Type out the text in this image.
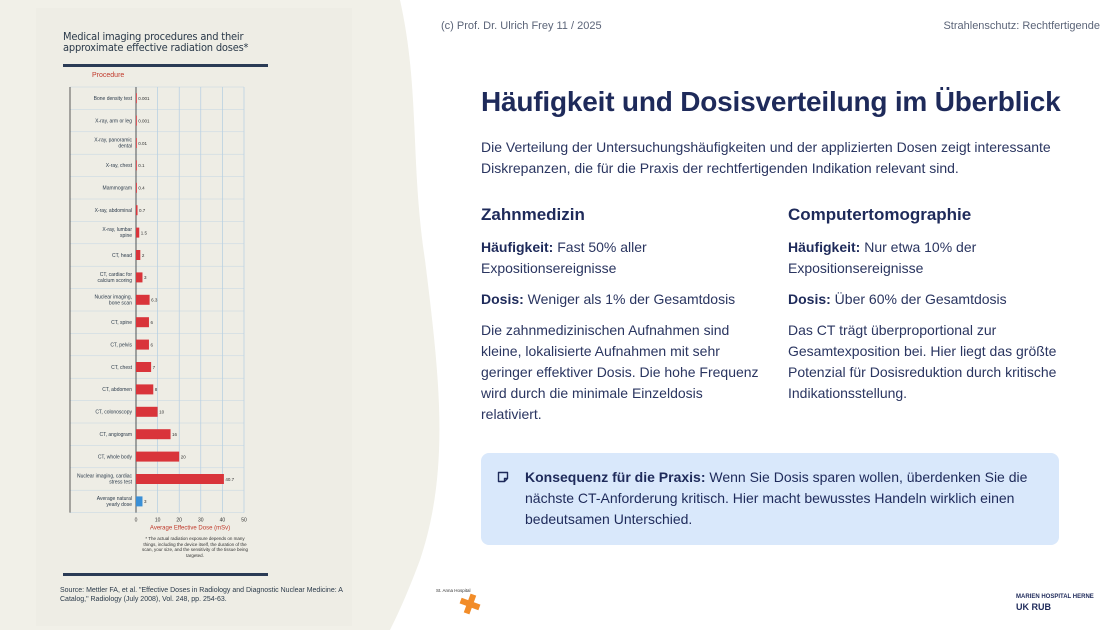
Medical imaging procedures and their approximate effective radiation doses*
Procedure
0	10	20	30	40	50
0.001
Bone density test
0.001
X-ray, arm or leg
0.01
X-ray, panoramic dental
0.1
X-ray, chest
0.4
Mammogram
0.7
X-ray, abdominal
1.5
X-ray, lumbar spine
2
CT, head
3
CT, cardiac for calcium scoring
6.3
Nuclear imaging, bone scan
6
CT, spine
6
CT, pelvis
7
CT, chest
8
CT, abdomen
10
CT, colonoscopy
16
CT, angiogram
20
CT, whole body
40.7
Nuclear imaging, cardiac stress test
3
Average natural yearly dose
Average Effective Dose (mSv)
* The actual radiation exposure depends on many things, including the device itself, the duration of the scan, your size, and the sensitivity of the tissue being targeted.
Source: Mettler FA, et al. "Effective Doses in Radiology and Diagnostic Nuclear Medicine: A Catalog," Radiology (July 2008), Vol. 248, pp. 254-63.
(c) Prof. Dr. Ulrich Frey 11 / 2025	Strahlenschutz: Rechtfertigende
Häufigkeit und Dosisverteilung im Überblick

Die Verteilung der Untersuchungshäufigkeiten und der applizierten Dosen zeigt interessante Diskrepanzen, die für die Praxis der rechtfertigenden Indikation relevant sind.

Zahnmedizin

Häufigkeit: Fast 50% aller Expositionsereignisse

Dosis: Weniger als 1% der Gesamtdosis

Die zahnmedizinischen Aufnahmen sind kleine, lokalisierte Aufnahmen mit sehr geringer effektiver Dosis. Die hohe Frequenz wird durch die minimale Einzeldosis relativiert.

Computertomographie

Häufigkeit: Nur etwa 10% der Expositionsereignisse

Dosis: Über 60% der Gesamtdosis

Das CT trägt überproportional zur Gesamtexposition bei. Hier liegt das größte Potenzial für Dosisreduktion durch kritische Indikationsstellung.

Konsequenz für die Praxis: Wenn Sie Dosis sparen wollen, überdenken Sie die nächste CT-Anforderung kritisch. Hier macht bewusstes Handeln wirklich einen bedeutsamen Unterschied.
St. Anna Hospital
MARIEN HOSPITAL HERNE
UK RUB
